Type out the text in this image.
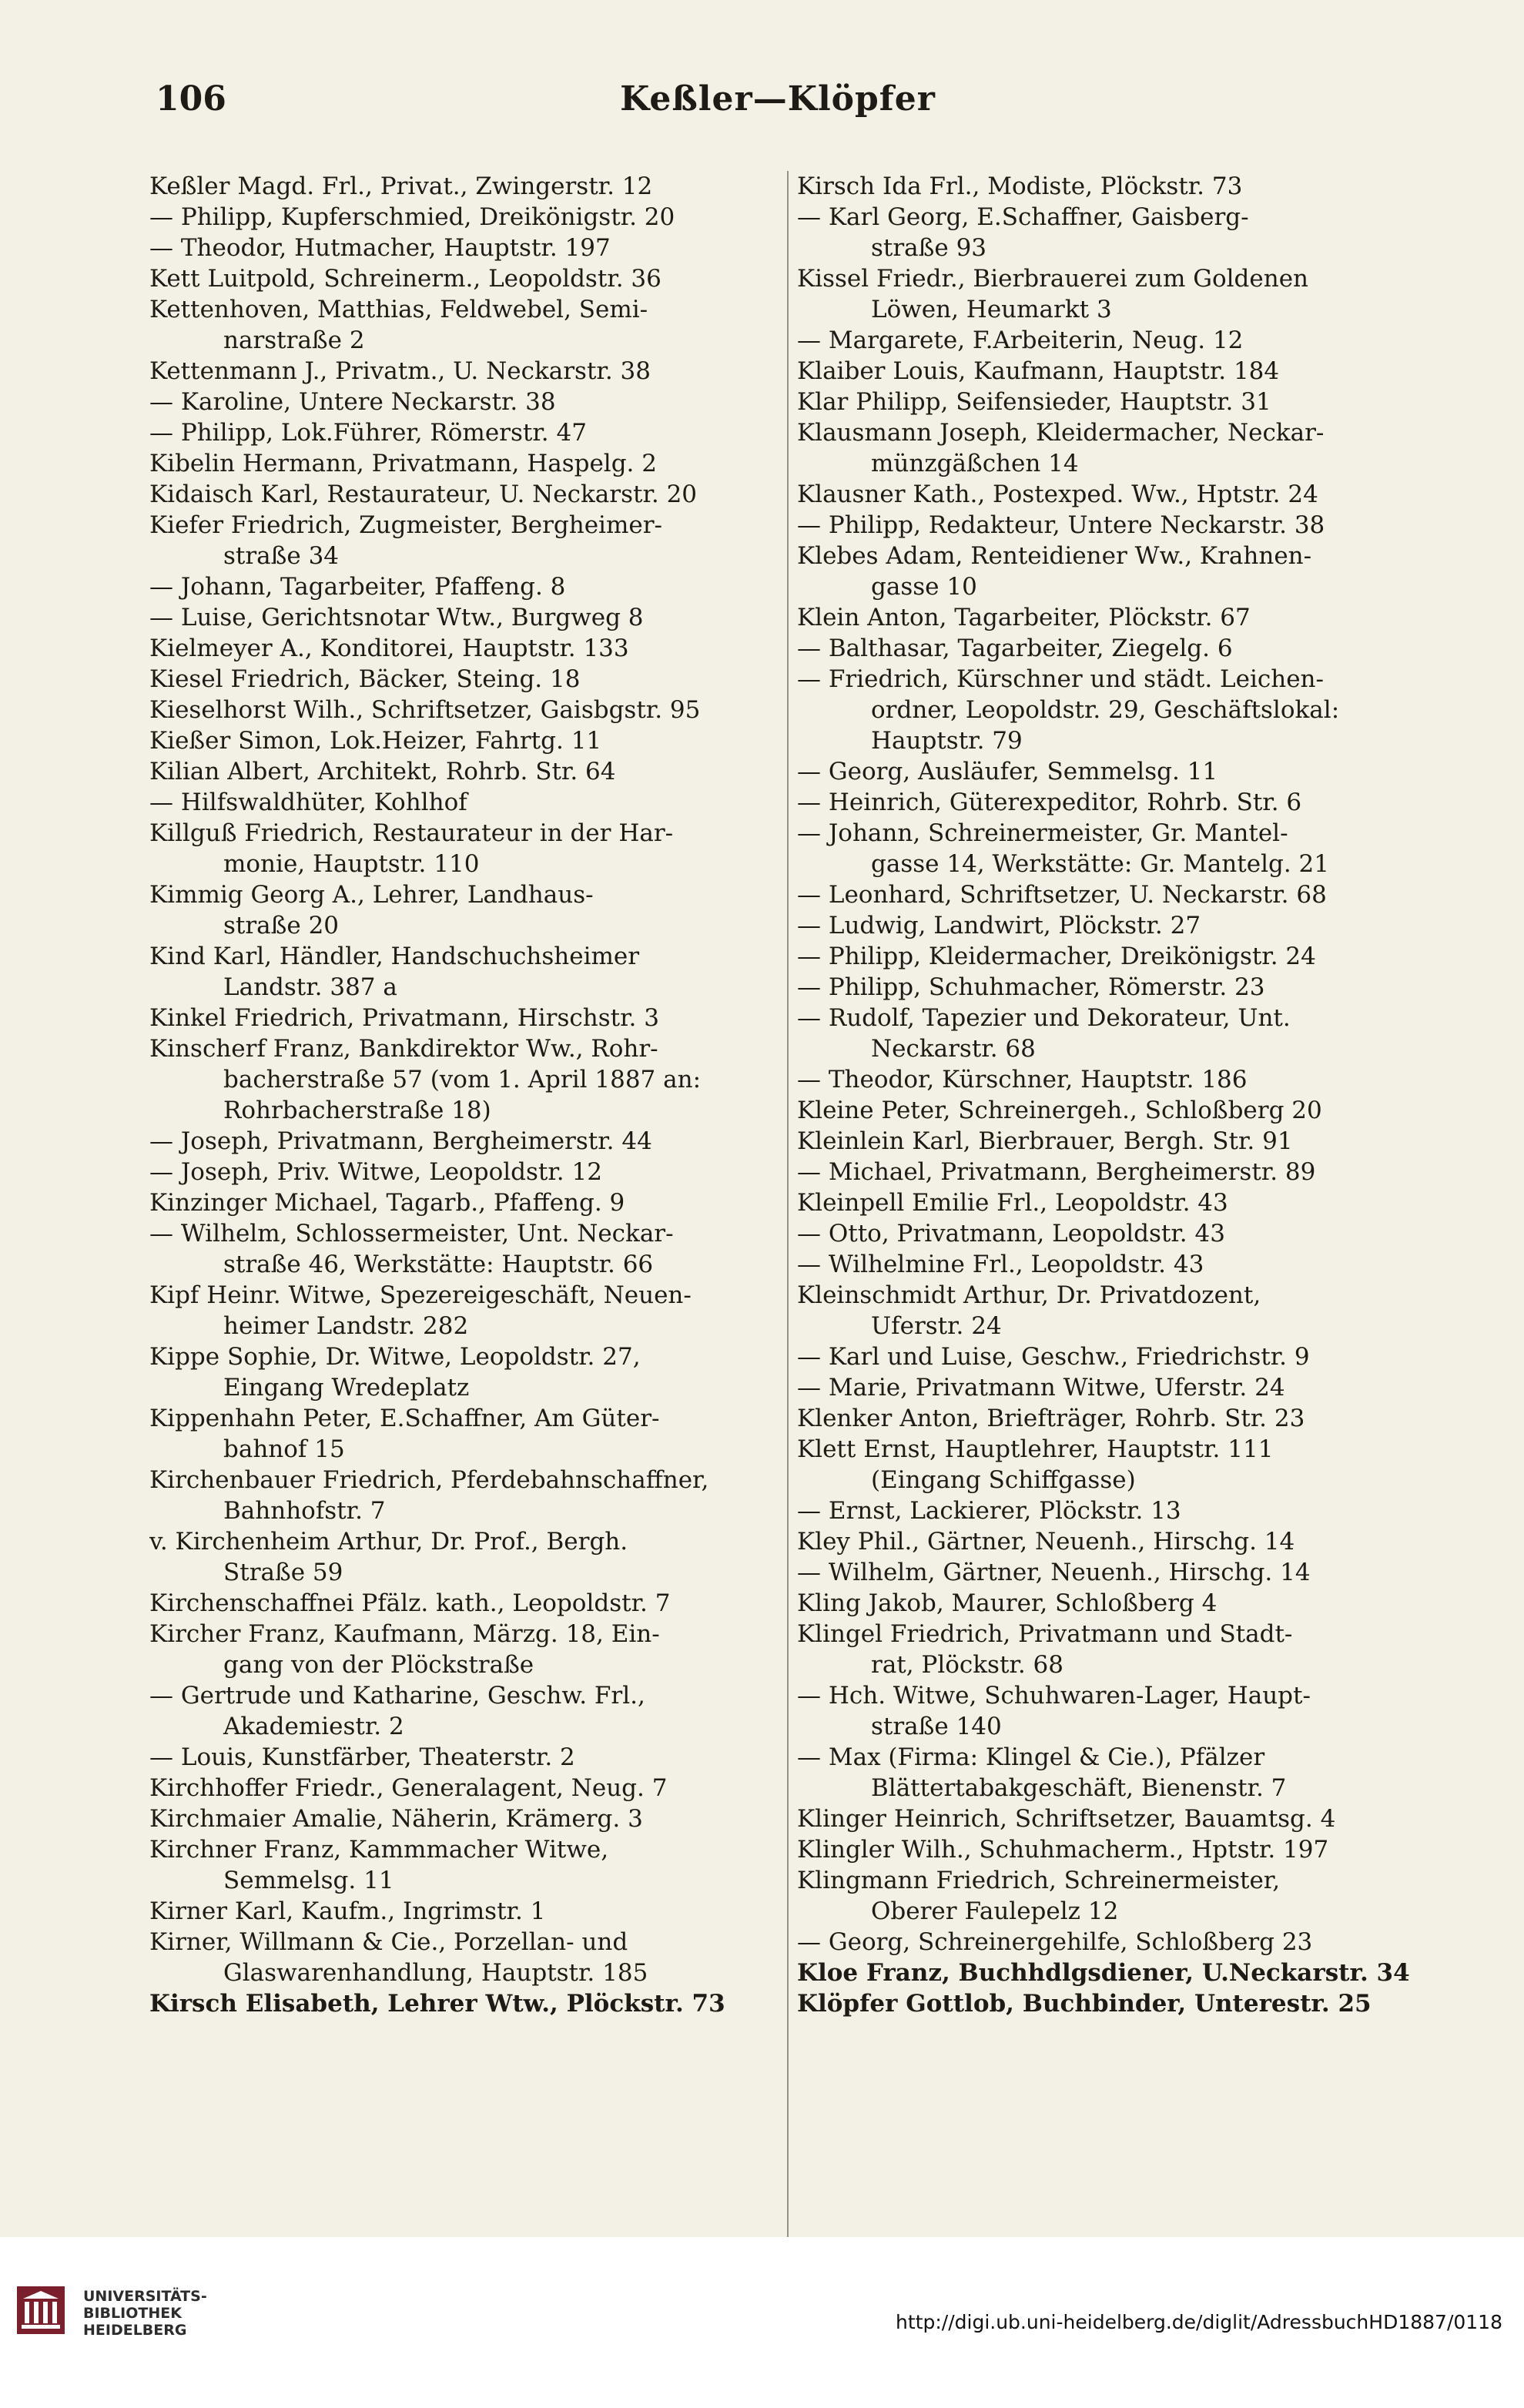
106	Keßler—Klöpfer
Keßler Magd. Frl., Privat., Zwingerstr. 12
— Philipp, Kupferschmied, Dreikönigstr. 20
— Theodor, Hutmacher, Hauptstr. 197
Kett Luitpold, Schreinerm., Leopoldstr. 36
Kettenhoven, Matthias, Feldwebel, Semi-
narstraße 2
Kettenmann J., Privatm., U. Neckarstr. 38
— Karoline, Untere Neckarstr. 38
— Philipp, Lok.Führer, Römerstr. 47
Kibelin Hermann, Privatmann, Haspelg. 2
Kidaisch Karl, Restaurateur, U. Neckarstr. 20
Kiefer Friedrich, Zugmeister, Bergheimer-
straße 34
— Johann, Tagarbeiter, Pfaffeng. 8
— Luise, Gerichtsnotar Wtw., Burgweg 8
Kielmeyer A., Konditorei, Hauptstr. 133
Kiesel Friedrich, Bäcker, Steing. 18
Kieselhorst Wilh., Schriftsetzer, Gaisbgstr. 95
Kießer Simon, Lok.Heizer, Fahrtg. 11
Kilian Albert, Architekt, Rohrb. Str. 64
— Hilfswaldhüter, Kohlhof
Killguß Friedrich, Restaurateur in der Har-
monie, Hauptstr. 110
Kimmig Georg A., Lehrer, Landhaus-
straße 20
Kind Karl, Händler, Handschuchsheimer
Landstr. 387 a
Kinkel Friedrich, Privatmann, Hirschstr. 3
Kinscherf Franz, Bankdirektor Ww., Rohr-
bacherstraße 57 (vom 1. April 1887 an:
Rohrbacherstraße 18)
— Joseph, Privatmann, Bergheimerstr. 44
— Joseph, Priv. Witwe, Leopoldstr. 12
Kinzinger Michael, Tagarb., Pfaffeng. 9
— Wilhelm, Schlossermeister, Unt. Neckar-
straße 46, Werkstätte: Hauptstr. 66
Kipf Heinr. Witwe, Spezereigeschäft, Neuen-
heimer Landstr. 282
Kippe Sophie, Dr. Witwe, Leopoldstr. 27,
Eingang Wredeplatz
Kippenhahn Peter, E.Schaffner, Am Güter-
bahnof 15
Kirchenbauer Friedrich, Pferdebahnschaffner,
Bahnhofstr. 7
v. Kirchenheim Arthur, Dr. Prof., Bergh.
Straße 59
Kirchenschaffnei Pfälz. kath., Leopoldstr. 7
Kircher Franz, Kaufmann, Märzg. 18, Ein-
gang von der Plöckstraße
— Gertrude und Katharine, Geschw. Frl.,
Akademiestr. 2
— Louis, Kunstfärber, Theaterstr. 2
Kirchhoffer Friedr., Generalagent, Neug. 7
Kirchmaier Amalie, Näherin, Krämerg. 3
Kirchner Franz, Kammmacher Witwe,
Semmelsg. 11
Kirner Karl, Kaufm., Ingrimstr. 1
Kirner, Willmann & Cie., Porzellan- und
Glaswarenhandlung, Hauptstr. 185
Kirsch Elisabeth, Lehrer Wtw., Plöckstr. 73
Kirsch Ida Frl., Modiste, Plöckstr. 73
— Karl Georg, E.Schaffner, Gaisberg-
straße 93
Kissel Friedr., Bierbrauerei zum Goldenen
Löwen, Heumarkt 3
— Margarete, F.Arbeiterin, Neug. 12
Klaiber Louis, Kaufmann, Hauptstr. 184
Klar Philipp, Seifensieder, Hauptstr. 31
Klausmann Joseph, Kleidermacher, Neckar-
münzgäßchen 14
Klausner Kath., Postexped. Ww., Hptstr. 24
— Philipp, Redakteur, Untere Neckarstr. 38
Klebes Adam, Renteidiener Ww., Krahnen-
gasse 10
Klein Anton, Tagarbeiter, Plöckstr. 67
— Balthasar, Tagarbeiter, Ziegelg. 6
— Friedrich, Kürschner und städt. Leichen-
ordner, Leopoldstr. 29, Geschäftslokal:
Hauptstr. 79
— Georg, Ausläufer, Semmelsg. 11
— Heinrich, Güterexpeditor, Rohrb. Str. 6
— Johann, Schreinermeister, Gr. Mantel-
gasse 14, Werkstätte: Gr. Mantelg. 21
— Leonhard, Schriftsetzer, U. Neckarstr. 68
— Ludwig, Landwirt, Plöckstr. 27
— Philipp, Kleidermacher, Dreikönigstr. 24
— Philipp, Schuhmacher, Römerstr. 23
— Rudolf, Tapezier und Dekorateur, Unt.
Neckarstr. 68
— Theodor, Kürschner, Hauptstr. 186
Kleine Peter, Schreinergeh., Schloßberg 20
Kleinlein Karl, Bierbrauer, Bergh. Str. 91
— Michael, Privatmann, Bergheimerstr. 89
Kleinpell Emilie Frl., Leopoldstr. 43
— Otto, Privatmann, Leopoldstr. 43
— Wilhelmine Frl., Leopoldstr. 43
Kleinschmidt Arthur, Dr. Privatdozent,
Uferstr. 24
— Karl und Luise, Geschw., Friedrichstr. 9
— Marie, Privatmann Witwe, Uferstr. 24
Klenker Anton, Briefträger, Rohrb. Str. 23
Klett Ernst, Hauptlehrer, Hauptstr. 111
(Eingang Schiffgasse)
— Ernst, Lackierer, Plöckstr. 13
Kley Phil., Gärtner, Neuenh., Hirschg. 14
— Wilhelm, Gärtner, Neuenh., Hirschg. 14
Kling Jakob, Maurer, Schloßberg 4
Klingel Friedrich, Privatmann und Stadt-
rat, Plöckstr. 68
— Hch. Witwe, Schuhwaren-Lager, Haupt-
straße 140
— Max (Firma: Klingel & Cie.), Pfälzer
Blättertabakgeschäft, Bienenstr. 7
Klinger Heinrich, Schriftsetzer, Bauamtsg. 4
Klingler Wilh., Schuhmacherm., Hptstr. 197
Klingmann Friedrich, Schreinermeister,
Oberer Faulepelz 12
— Georg, Schreinergehilfe, Schloßberg 23
Kloe Franz, Buchhdlgsdiener, U.Neckarstr. 34
Klöpfer Gottlob, Buchbinder, Unterestr. 25
UNIVERSITÄTS-
BIBLIOTHEK
HEIDELBERG	http://digi.ub.uni-heidelberg.de/diglit/AdressbuchHD1887/0118
